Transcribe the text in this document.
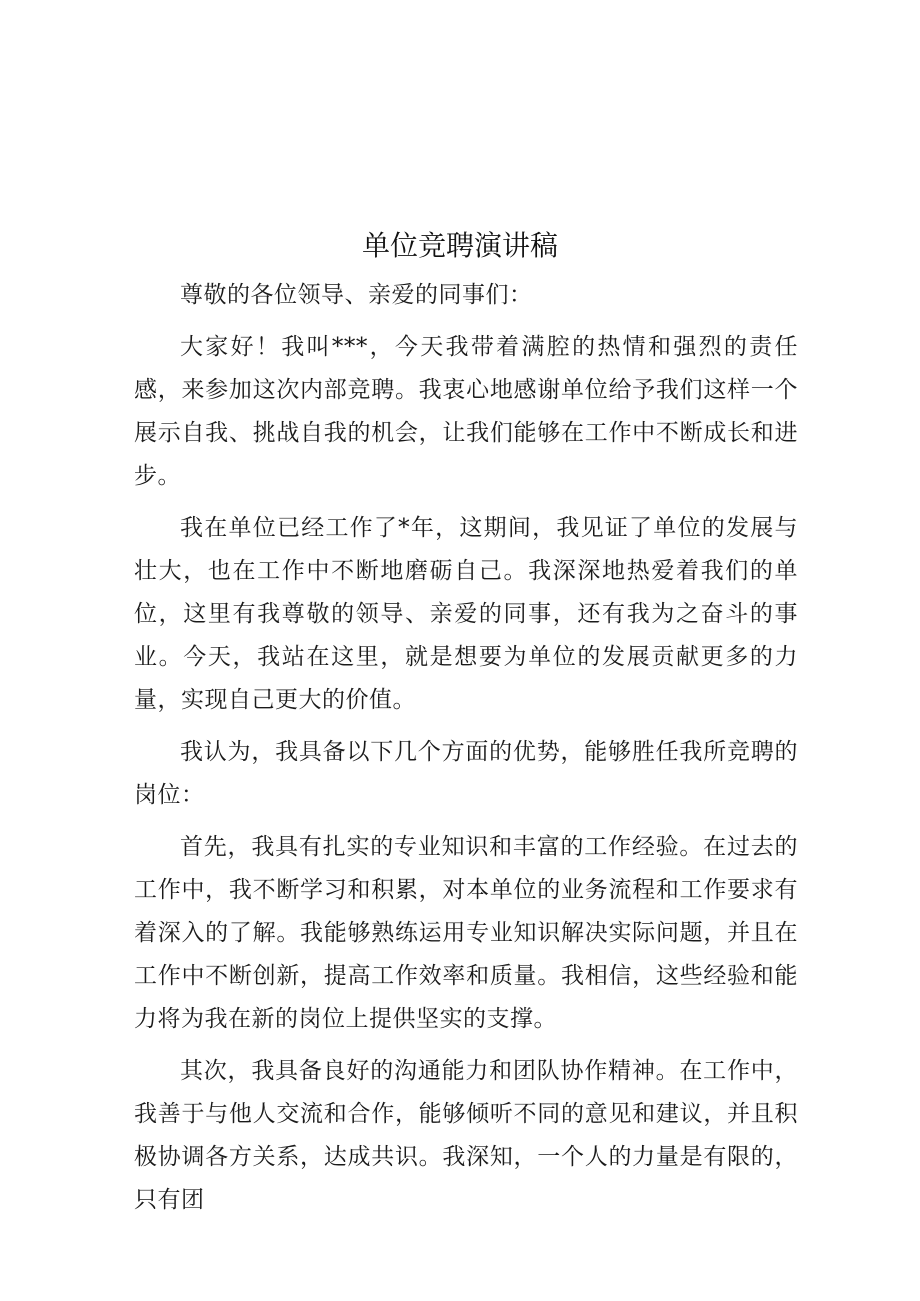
单位竞聘演讲稿

尊敬的各位领导、亲爱的同事们：

大家好！我叫***，今天我带着满腔的热情和强烈的责任感，来参加这次内部竞聘。我衷心地感谢单位给予我们这样一个展示自我、挑战自我的机会，让我们能够在工作中不断成长和进步。

我在单位已经工作了*年，这期间，我见证了单位的发展与壮大，也在工作中不断地磨砺自己。我深深地热爱着我们的单位，这里有我尊敬的领导、亲爱的同事，还有我为之奋斗的事业。今天，我站在这里，就是想要为单位的发展贡献更多的力量，实现自己更大的价值。

我认为，我具备以下几个方面的优势，能够胜任我所竞聘的岗位：

首先，我具有扎实的专业知识和丰富的工作经验。在过去的工作中，我不断学习和积累，对本单位的业务流程和工作要求有着深入的了解。我能够熟练运用专业知识解决实际问题，并且在工作中不断创新，提高工作效率和质量。我相信，这些经验和能力将为我在新的岗位上提供坚实的支撑。

其次，我具备良好的沟通能力和团队协作精神。在工作中，我善于与他人交流和合作，能够倾听不同的意见和建议，并且积极协调各方关系，达成共识。我深知，一个人的力量是有限的，只有团
